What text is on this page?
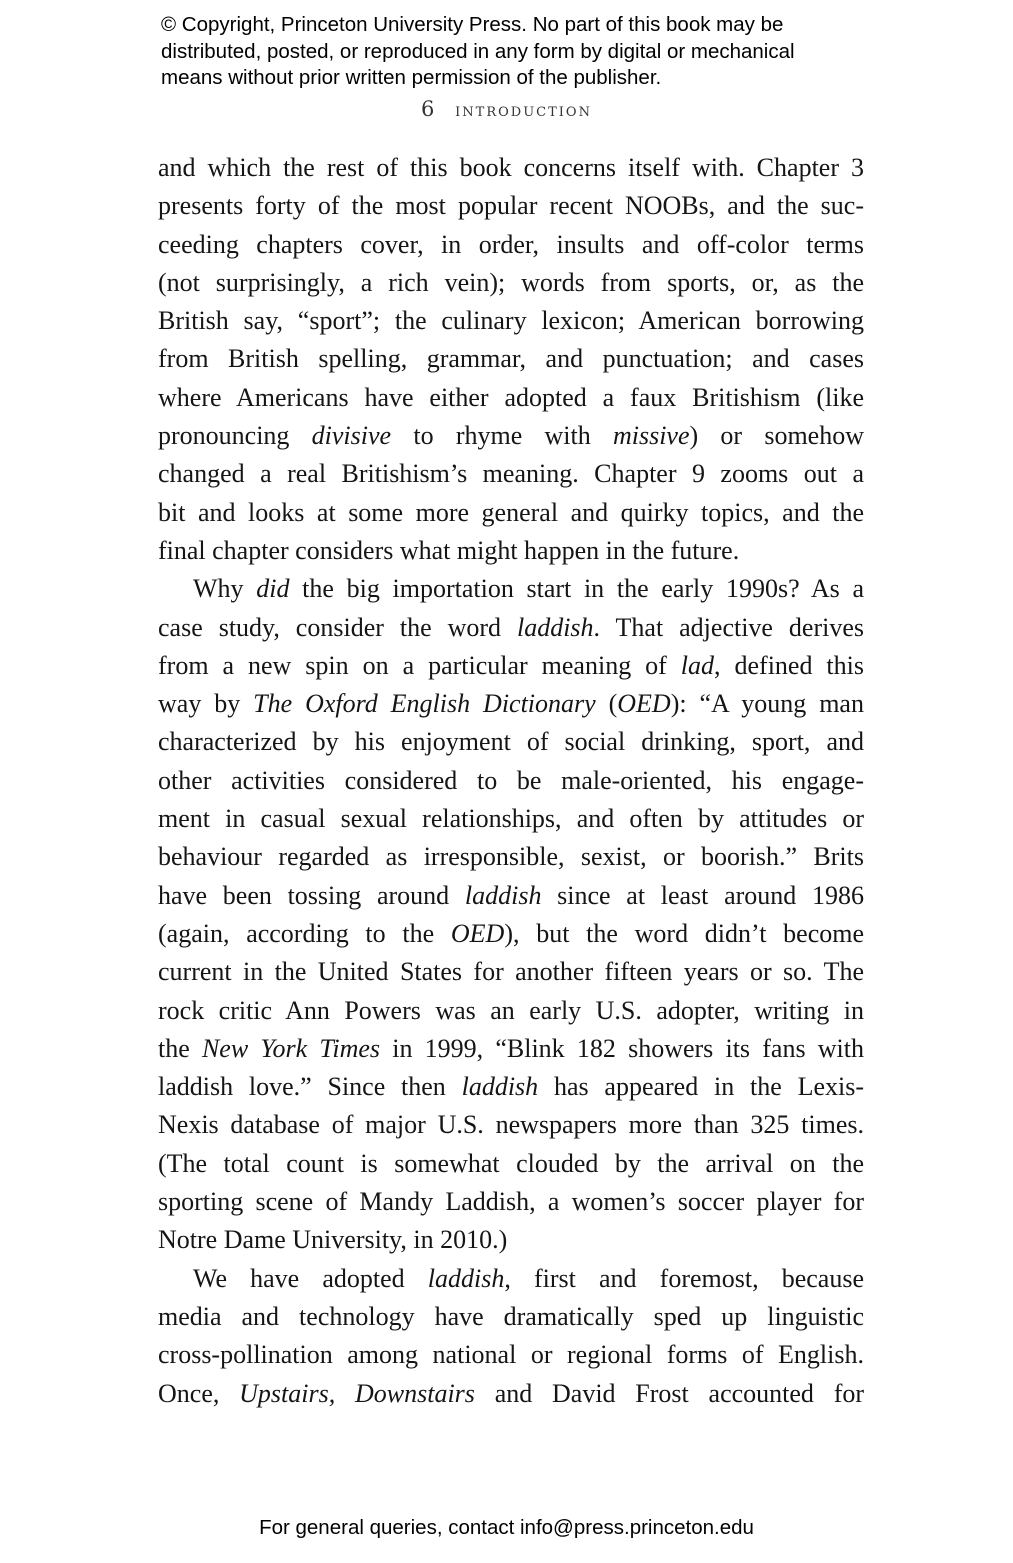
© Copyright, Princeton University Press. No part of this book may be
distributed, posted, or reproduced in any form by digital or mechanical
means without prior written permission of the publisher.
6 introduction

and which the rest of this book concerns itself with. Chapter 3
presents forty of the most popular recent NOOBs, and the suc-
ceeding chapters cover, in order, insults and off-color terms
(not surprisingly, a rich vein); words from sports, or, as the
British say, “sport”; the culinary lexicon; American borrowing
from British spelling, grammar, and punctuation; and cases
where Americans have either adopted a faux Britishism (like
pronouncing divisive to rhyme with missive) or somehow
changed a real Britishism’s meaning. Chapter 9 zooms out a
bit and looks at some more general and quirky topics, and the
final chapter considers what might happen in the future.

Why did the big importation start in the early 1990s? As a
case study, consider the word laddish. That adjective derives
from a new spin on a particular meaning of lad, defined this
way by The Oxford English Dictionary (OED): “A young man
characterized by his enjoyment of social drinking, sport, and
other activities considered to be male-oriented, his engage-
ment in casual sexual relationships, and often by attitudes or
behaviour regarded as irresponsible, sexist, or boorish.” Brits
have been tossing around laddish since at least around 1986
(again, according to the OED), but the word didn’t become
current in the United States for another fifteen years or so. The
rock critic Ann Powers was an early U.S. adopter, writing in
the New York Times in 1999, “Blink 182 showers its fans with
laddish love.” Since then laddish has appeared in the Lexis-
Nexis database of major U.S. newspapers more than 325 times.
(The total count is somewhat clouded by the arrival on the
sporting scene of Mandy Laddish, a women’s soccer player for
Notre Dame University, in 2010.)

We have adopted laddish, first and foremost, because
media and technology have dramatically sped up linguistic
cross-pollination among national or regional forms of English.
Once, Upstairs, Downstairs and David Frost accounted for

For general queries, contact info@press.princeton.edu
